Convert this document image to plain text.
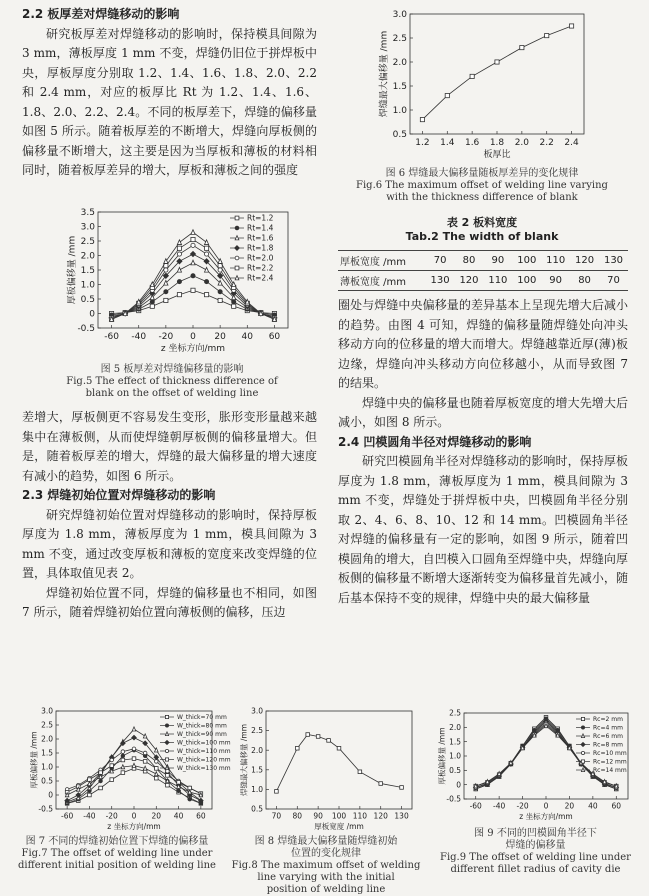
2.2 板厚差对焊缝移动的影响

研究板厚差对焊缝移动的影响时，保持模具间隙为 3 mm，薄板厚度 1 mm 不变，焊缝仍旧位于拼焊板中央，厚板厚度分别取 1.2、1.4、1.6、1.8、2.0、2.2 和 2.4 mm，对应的板厚比 Rt 为 1.2、1.4、1.6、1.8、2.0、2.2、2.4。不同的板厚差下，焊缝的偏移量如图 5 所示。随着板厚差的不断增大，焊缝向厚板侧的偏移量不断增大，这主要是因为当厚板和薄板的材料相同时，随着板厚差异的增大，厚板和薄板之间的强度

-60 -40 -20 0 20 40 60
-0.5
0
0.5
1.0
1.5
2.0
2.5
3.0
3.5
z 坐标方向/mm
厚板偏移量 /mm
Rt=1.2
Rt=1.4
Rt=1.6
Rt=1.8
Rt=2.0
Rt=2.2
Rt=2.4
图 5 板厚差对焊缝偏移量的影响
Fig.5 The effect of thickness difference of
blank on the offset of welding line

差增大，厚板侧更不容易发生变形，胀形变形量越来越集中在薄板侧，从而使焊缝朝厚板侧的偏移量增大。但是，随着板厚差的增大，焊缝的最大偏移量的增大速度有减小的趋势，如图 6 所示。

2.3 焊缝初始位置对焊缝移动的影响

研究焊缝初始位置对焊缝移动的影响时，保持厚板厚度为 1.8 mm，薄板厚度为 1 mm，模具间隙为 3 mm 不变，通过改变厚板和薄板的宽度来改变焊缝的位置，具体取值见表 2。

焊缝初始位置不同，焊缝的偏移量也不相同，如图 7 所示，随着焊缝初始位置向薄板侧的偏移，压边

1.2 1.4 1.6 1.8 2.0 2.2 2.4
0.5
1.0
1.5
2.0
2.5
3.0
板厚比
焊缝最大偏移量 /mm
图 6 焊缝最大偏移量随板厚差异的变化规律
Fig.6 The maximum offset of welding line varying
with the thickness difference of blank
表 2 板料宽度
Tab.2 The width of blank
厚板宽度 /mm	70	80	90	100	110	120	130
薄板宽度 /mm	130	120	110	100	90	80	70

圈处与焊缝中央偏移量的差异基本上呈现先增大后减小的趋势。由图 4 可知，焊缝的偏移量随焊缝处向冲头移动方向的位移量的增大而增大。焊缝越靠近厚(薄)板边缘，焊缝向冲头移动方向位移越小，从而导致图 7 的结果。

焊缝中央的偏移量也随着厚板宽度的增大先增大后减小，如图 8 所示。

2.4 凹模圆角半径对焊缝移动的影响

研究凹模圆角半径对焊缝移动的影响时，保持厚板厚度为 1.8 mm，薄板厚度为 1 mm，模具间隙为 3 mm 不变，焊缝处于拼焊板中央，凹模圆角半径分别取 2、4、6、8、10、12 和 14 mm。凹模圆角半径对焊缝的偏移量有一定的影响，如图 9 所示，随着凹模圆角的增大，自凹模入口圆角至焊缝中央，焊缝向厚板侧的偏移量不断增大逐渐转变为偏移量首先减小，随后基本保持不变的规律，焊缝中央的最大偏移量

-60 -40 -20 0 20 40 60
-0.5
0
0.5
1.0
1.5
2.0
2.5
3.0
z 坐标方向/mm
厚板偏移量 /mm
W_thick=70 mm
W_thick=80 mm
W_thick=90 mm
W_thick=100 mm
W_thick=110 mm
W_thick=120 mm
W_thick=130 mm
图 7 不同的焊缝初始位置下焊缝的偏移量
Fig.7 The offset of welding line under
different initial position of welding line
70 80 90 100 110 120 130
0.5
1.0
1.5
2.0
2.5
3.0
厚板宽度 /mm
焊缝最大偏移量 /mm
图 8 焊缝最大偏移量随焊缝初始
位置的变化规律
Fig.8 The maximum offset of welding
line varying with the initial
position of welding line
-60 -40 -20 0 20 40 60
-0.5
0
0.5
1.0
1.5
2.0
2.5
z 坐标方向/mm
厚板偏移量 /mm
Rc=2 mm
Rc=4 mm
Rc=6 mm
Rc=8 mm
Rc=10 mm
Rc=12 mm
Rc=14 mm
图 9 不同的凹模圆角半径下
焊缝的偏移量
Fig.9 The offset of welding line under
different fillet radius of cavity die
